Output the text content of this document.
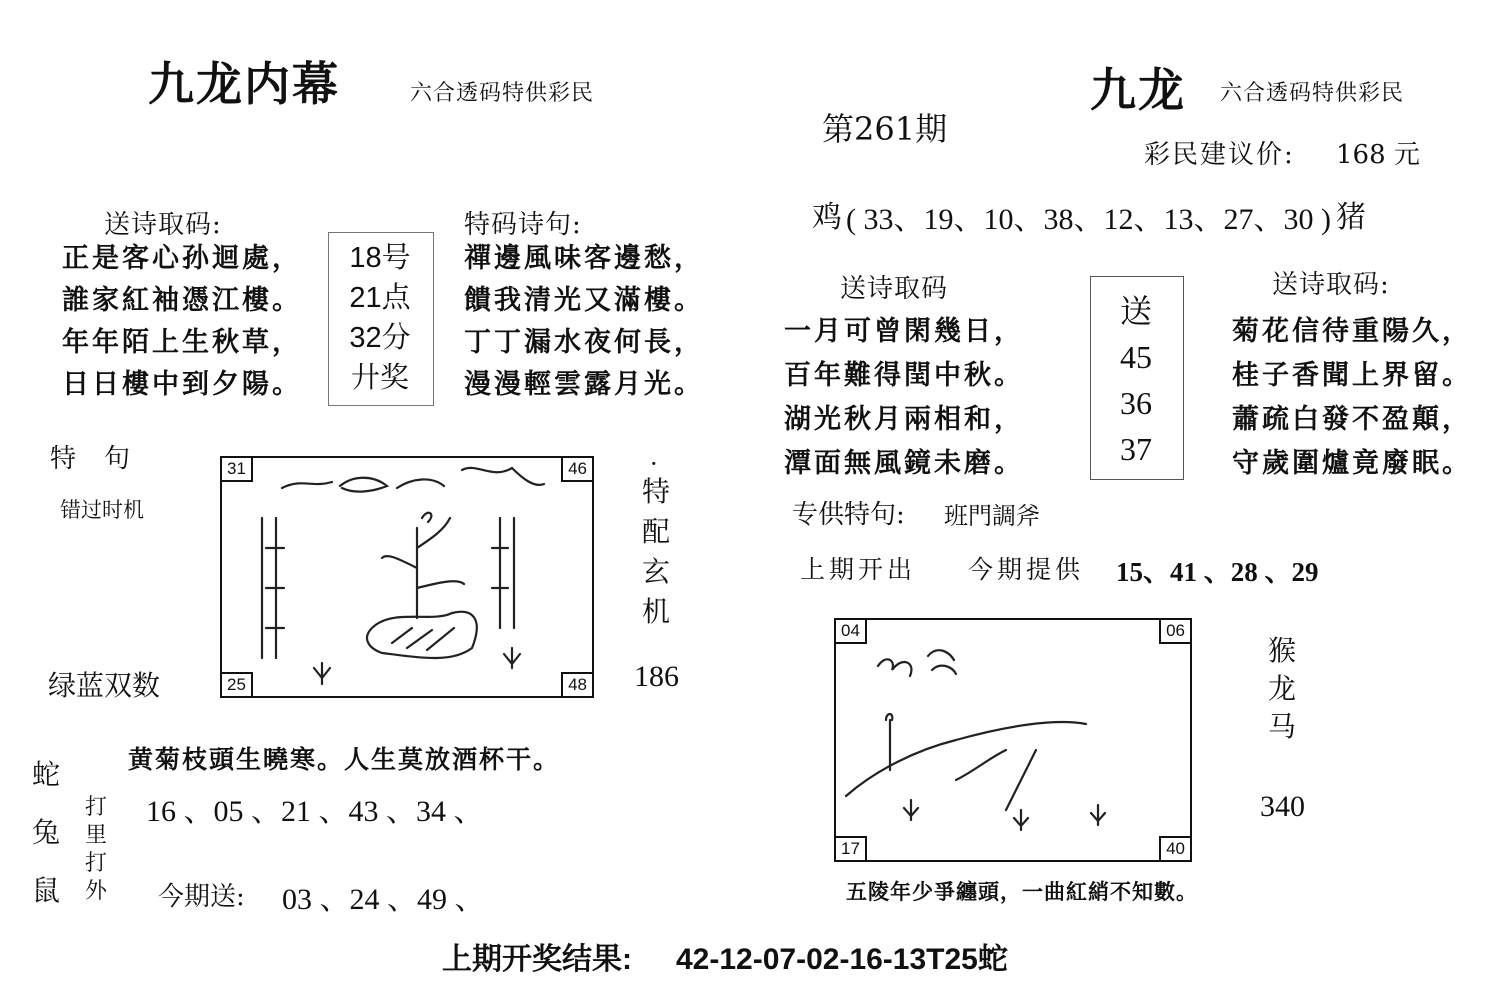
九龙内幕	六合透码特供彩民
送诗取码:
正是客心孙迴處，
誰家紅袖憑江樓。
年年陌上生秋草，
日日樓中到夕陽。
18号
21点
32分
廾奖
特码诗句:
禪邊風味客邊愁，
饋我清光又滿樓。
丁丁漏水夜何長，
漫漫輕雲露月光。
特　句
错过时机
绿蓝双数
31	46
25	48
·
特
配
玄
机
186
黄菊枝頭生曉寒。人生莫放酒杯干。
蛇
兔
鼠
打
里
打
外
16 、05 、21 、43 、34 、
今期送: 03 、24 、49 、
第261期
九龙 六合透码特供彩民
彩民建议价: 168 元
鸡 ( 33、19、10、38、12、13、27、30 ) 猪
送诗取码	送诗取码:
一月可曾閑幾日，
百年難得閏中秋。
湖光秋月兩相和，
潭面無風鏡未磨。
送
45
36
37
菊花信待重陽久，
桂子香聞上界留。
蕭疏白發不盈顛，
守歲圍爐竟廢眠。
专供特句: 班門調斧
上期开出 今期提供 15、41 、28 、29
04	06
17	40
猴
龙
马
340
五陵年少爭纏頭，一曲紅綃不知數。
上期开奖结果: 42-12-07-02-16-13T25蛇
